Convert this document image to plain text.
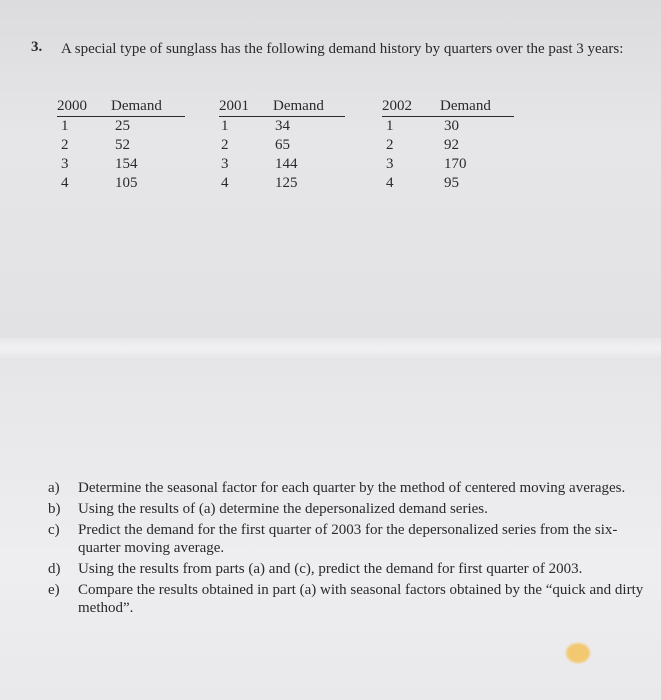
3. A special type of sunglass has the following demand history by quarters over the past 3 years:
2000	Demand
1	25
2	52
3	154
4	105
2001	Demand
1	34
2	65
3	144
4	125
2002	Demand
1	30
2	92
3	170
4	95
a)	Determine the seasonal factor for each quarter by the method of centered moving averages.
b)	Using the results of (a) determine the depersonalized demand series.
c)	Predict the demand for the first quarter of 2003 for the depersonalized series from the six-quarter moving average.
d)	Using the results from parts (a) and (c), predict the demand for first quarter of 2003.
e)	Compare the results obtained in part (a) with seasonal factors obtained by the “quick and dirty method”.
